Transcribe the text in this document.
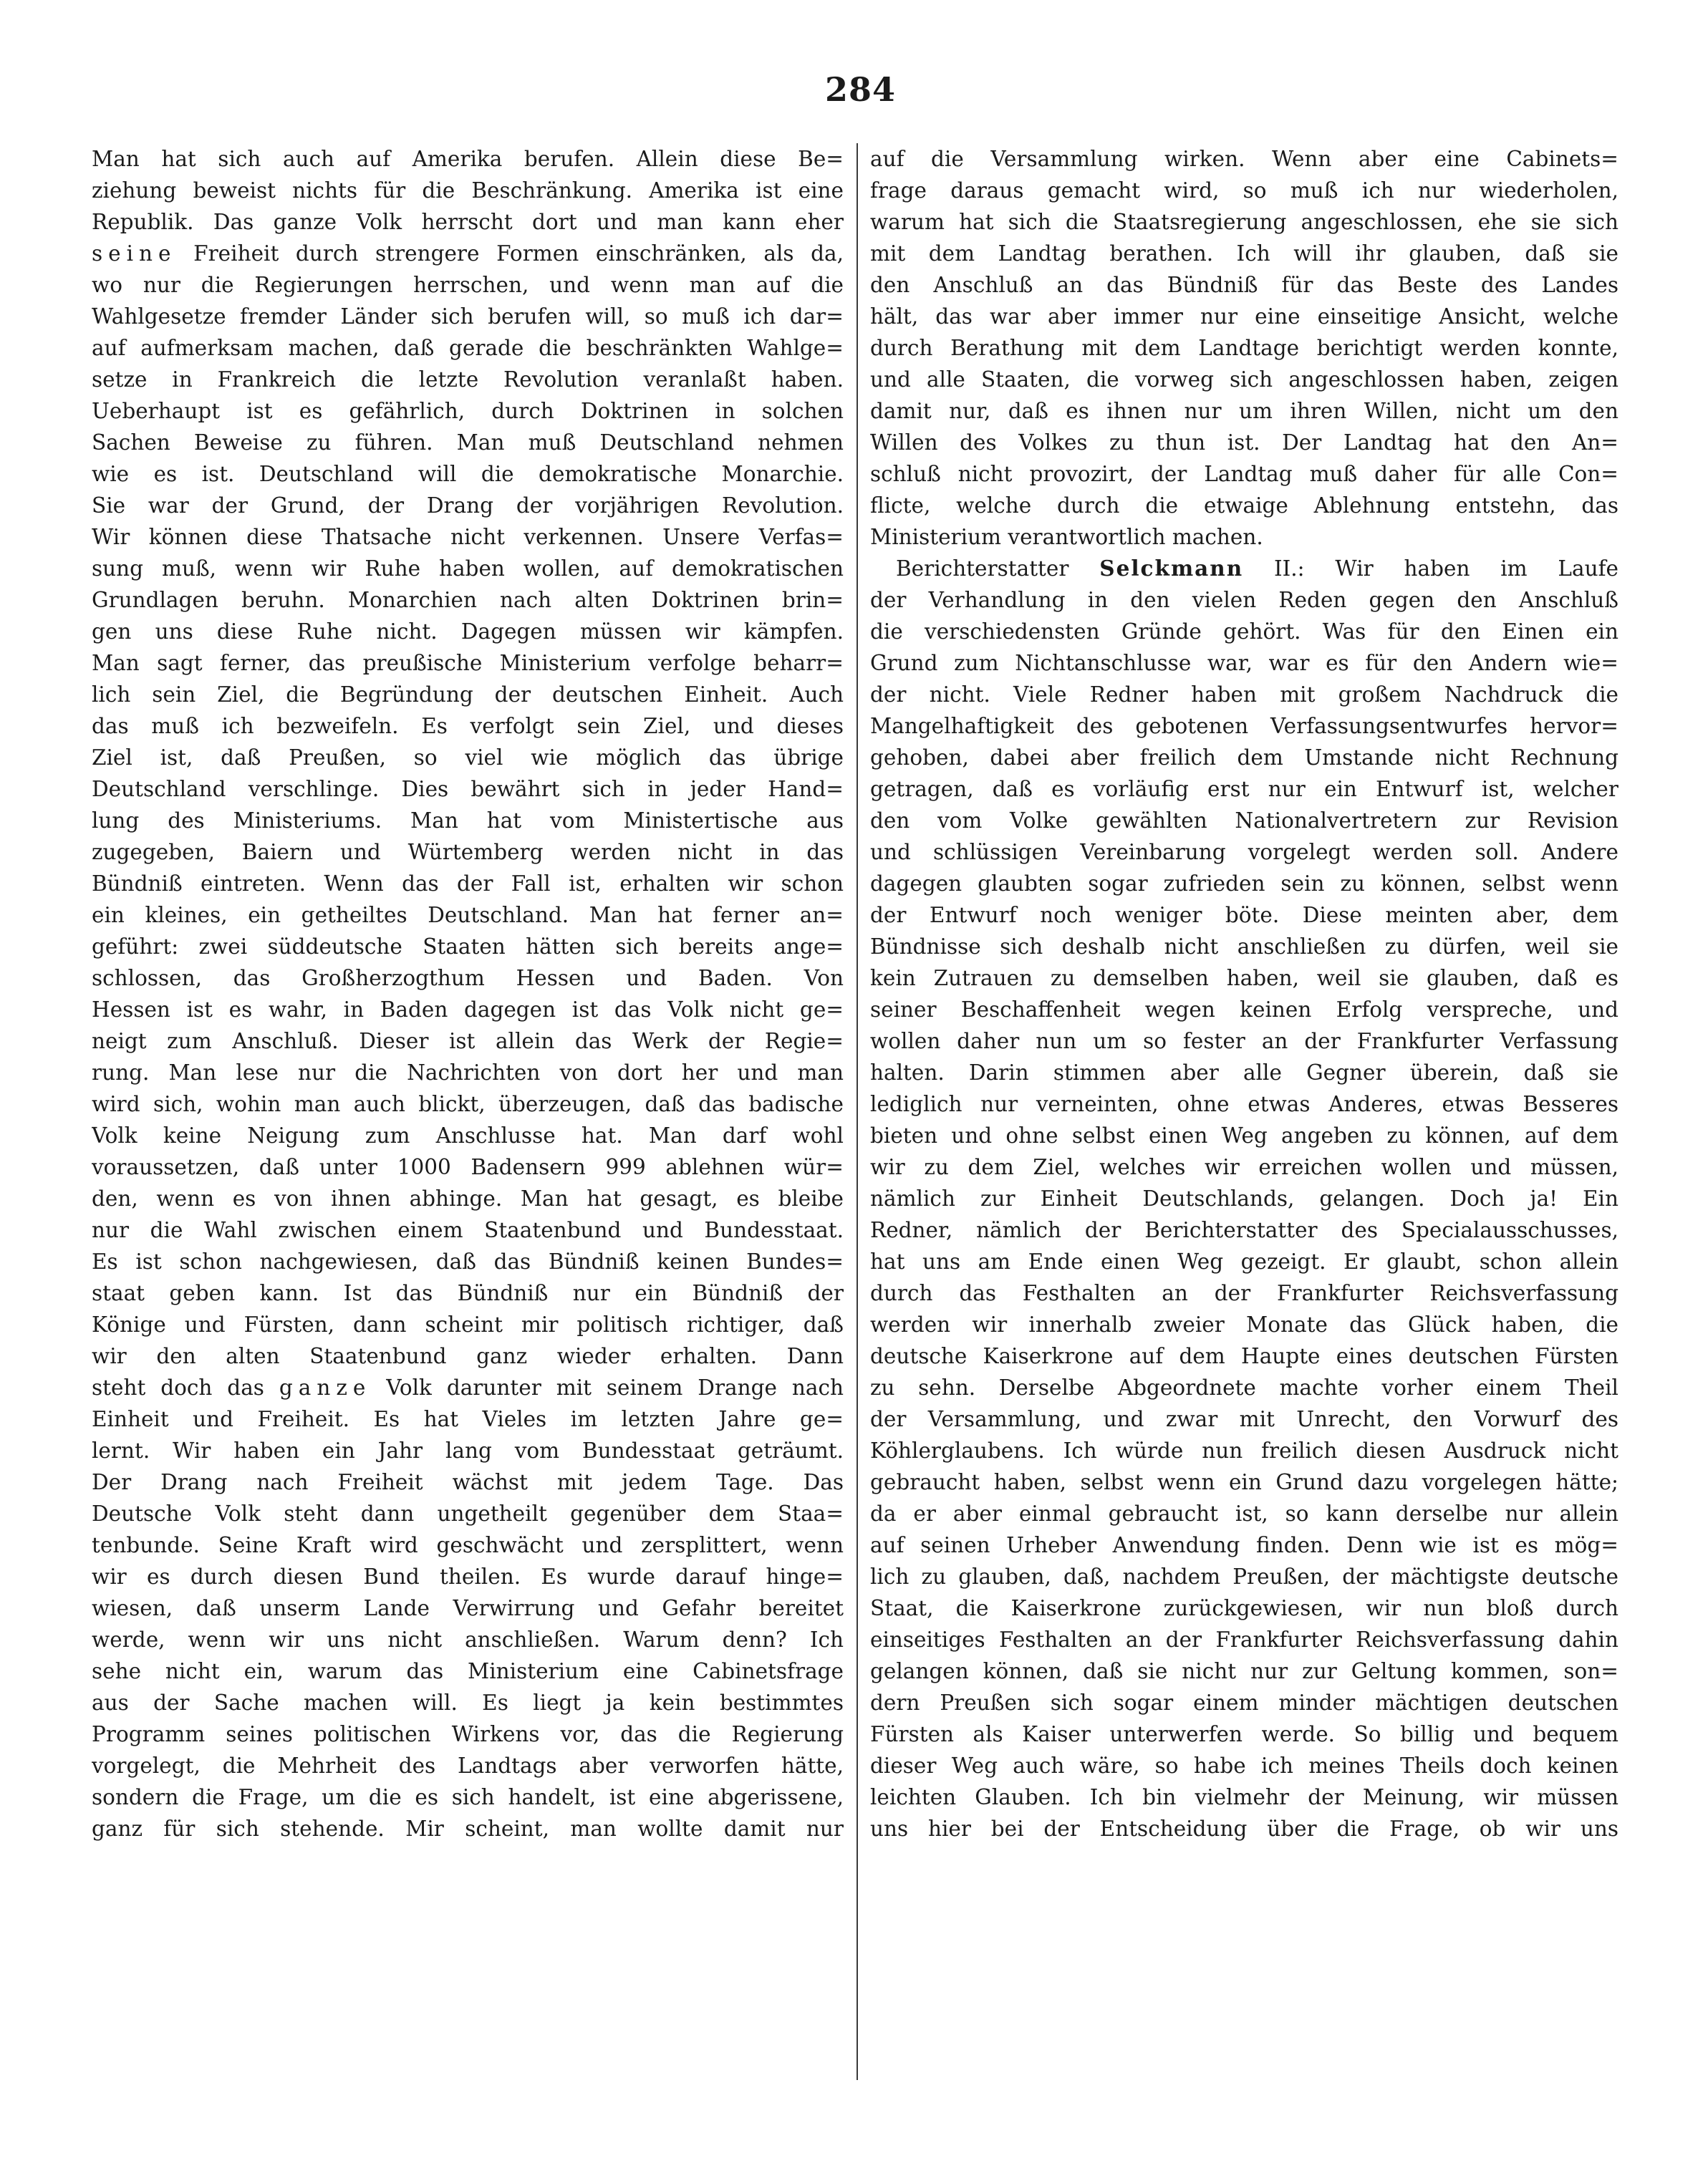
284
Man hat sich auch auf Amerika berufen. Allein diese Be=
ziehung beweist nichts für die Beschränkung. Amerika ist eine
Republik. Das ganze Volk herrscht dort und man kann eher
seine Freiheit durch strengere Formen einschränken, als da,
wo nur die Regierungen herrschen, und wenn man auf die
Wahlgesetze fremder Länder sich berufen will, so muß ich dar=
auf aufmerksam machen, daß gerade die beschränkten Wahlge=
setze in Frankreich die letzte Revolution veranlaßt haben.
Ueberhaupt ist es gefährlich, durch Doktrinen in solchen
Sachen Beweise zu führen. Man muß Deutschland nehmen
wie es ist. Deutschland will die demokratische Monarchie.
Sie war der Grund, der Drang der vorjährigen Revolution.
Wir können diese Thatsache nicht verkennen. Unsere Verfas=
sung muß, wenn wir Ruhe haben wollen, auf demokratischen
Grundlagen beruhn. Monarchien nach alten Doktrinen brin=
gen uns diese Ruhe nicht. Dagegen müssen wir kämpfen.
Man sagt ferner, das preußische Ministerium verfolge beharr=
lich sein Ziel, die Begründung der deutschen Einheit. Auch
das muß ich bezweifeln. Es verfolgt sein Ziel, und dieses
Ziel ist, daß Preußen, so viel wie möglich das übrige
Deutschland verschlinge. Dies bewährt sich in jeder Hand=
lung des Ministeriums. Man hat vom Ministertische aus
zugegeben, Baiern und Würtemberg werden nicht in das
Bündniß eintreten. Wenn das der Fall ist, erhalten wir schon
ein kleines, ein getheiltes Deutschland. Man hat ferner an=
geführt: zwei süddeutsche Staaten hätten sich bereits ange=
schlossen, das Großherzogthum Hessen und Baden. Von
Hessen ist es wahr, in Baden dagegen ist das Volk nicht ge=
neigt zum Anschluß. Dieser ist allein das Werk der Regie=
rung. Man lese nur die Nachrichten von dort her und man
wird sich, wohin man auch blickt, überzeugen, daß das badische
Volk keine Neigung zum Anschlusse hat. Man darf wohl
voraussetzen, daß unter 1000 Badensern 999 ablehnen wür=
den, wenn es von ihnen abhinge. Man hat gesagt, es bleibe
nur die Wahl zwischen einem Staatenbund und Bundesstaat.
Es ist schon nachgewiesen, daß das Bündniß keinen Bundes=
staat geben kann. Ist das Bündniß nur ein Bündniß der
Könige und Fürsten, dann scheint mir politisch richtiger, daß
wir den alten Staatenbund ganz wieder erhalten. Dann
steht doch das ganze Volk darunter mit seinem Drange nach
Einheit und Freiheit. Es hat Vieles im letzten Jahre ge=
lernt. Wir haben ein Jahr lang vom Bundesstaat geträumt.
Der Drang nach Freiheit wächst mit jedem Tage. Das
Deutsche Volk steht dann ungetheilt gegenüber dem Staa=
tenbunde. Seine Kraft wird geschwächt und zersplittert, wenn
wir es durch diesen Bund theilen. Es wurde darauf hinge=
wiesen, daß unserm Lande Verwirrung und Gefahr bereitet
werde, wenn wir uns nicht anschließen. Warum denn? Ich
sehe nicht ein, warum das Ministerium eine Cabinetsfrage
aus der Sache machen will. Es liegt ja kein bestimmtes
Programm seines politischen Wirkens vor, das die Regierung
vorgelegt, die Mehrheit des Landtags aber verworfen hätte,
sondern die Frage, um die es sich handelt, ist eine abgerissene,
ganz für sich stehende. Mir scheint, man wollte damit nur
auf die Versammlung wirken. Wenn aber eine Cabinets=
frage daraus gemacht wird, so muß ich nur wiederholen,
warum hat sich die Staatsregierung angeschlossen, ehe sie sich
mit dem Landtag berathen. Ich will ihr glauben, daß sie
den Anschluß an das Bündniß für das Beste des Landes
hält, das war aber immer nur eine einseitige Ansicht, welche
durch Berathung mit dem Landtage berichtigt werden konnte,
und alle Staaten, die vorweg sich angeschlossen haben, zeigen
damit nur, daß es ihnen nur um ihren Willen, nicht um den
Willen des Volkes zu thun ist. Der Landtag hat den An=
schluß nicht provozirt, der Landtag muß daher für alle Con=
flicte, welche durch die etwaige Ablehnung entstehn, das
Ministerium verantwortlich machen.
Berichterstatter Selckmann II.: Wir haben im Laufe
der Verhandlung in den vielen Reden gegen den Anschluß
die verschiedensten Gründe gehört. Was für den Einen ein
Grund zum Nichtanschlusse war, war es für den Andern wie=
der nicht. Viele Redner haben mit großem Nachdruck die
Mangelhaftigkeit des gebotenen Verfassungsentwurfes hervor=
gehoben, dabei aber freilich dem Umstande nicht Rechnung
getragen, daß es vorläufig erst nur ein Entwurf ist, welcher
den vom Volke gewählten Nationalvertretern zur Revision
und schlüssigen Vereinbarung vorgelegt werden soll. Andere
dagegen glaubten sogar zufrieden sein zu können, selbst wenn
der Entwurf noch weniger böte. Diese meinten aber, dem
Bündnisse sich deshalb nicht anschließen zu dürfen, weil sie
kein Zutrauen zu demselben haben, weil sie glauben, daß es
seiner Beschaffenheit wegen keinen Erfolg verspreche, und
wollen daher nun um so fester an der Frankfurter Verfassung
halten. Darin stimmen aber alle Gegner überein, daß sie
lediglich nur verneinten, ohne etwas Anderes, etwas Besseres
bieten und ohne selbst einen Weg angeben zu können, auf dem
wir zu dem Ziel, welches wir erreichen wollen und müssen,
nämlich zur Einheit Deutschlands, gelangen. Doch ja! Ein
Redner, nämlich der Berichterstatter des Specialausschusses,
hat uns am Ende einen Weg gezeigt. Er glaubt, schon allein
durch das Festhalten an der Frankfurter Reichsverfassung
werden wir innerhalb zweier Monate das Glück haben, die
deutsche Kaiserkrone auf dem Haupte eines deutschen Fürsten
zu sehn. Derselbe Abgeordnete machte vorher einem Theil
der Versammlung, und zwar mit Unrecht, den Vorwurf des
Köhlerglaubens. Ich würde nun freilich diesen Ausdruck nicht
gebraucht haben, selbst wenn ein Grund dazu vorgelegen hätte;
da er aber einmal gebraucht ist, so kann derselbe nur allein
auf seinen Urheber Anwendung finden. Denn wie ist es mög=
lich zu glauben, daß, nachdem Preußen, der mächtigste deutsche
Staat, die Kaiserkrone zurückgewiesen, wir nun bloß durch
einseitiges Festhalten an der Frankfurter Reichsverfassung dahin
gelangen können, daß sie nicht nur zur Geltung kommen, son=
dern Preußen sich sogar einem minder mächtigen deutschen
Fürsten als Kaiser unterwerfen werde. So billig und bequem
dieser Weg auch wäre, so habe ich meines Theils doch keinen
leichten Glauben. Ich bin vielmehr der Meinung, wir müssen
uns hier bei der Entscheidung über die Frage, ob wir uns
